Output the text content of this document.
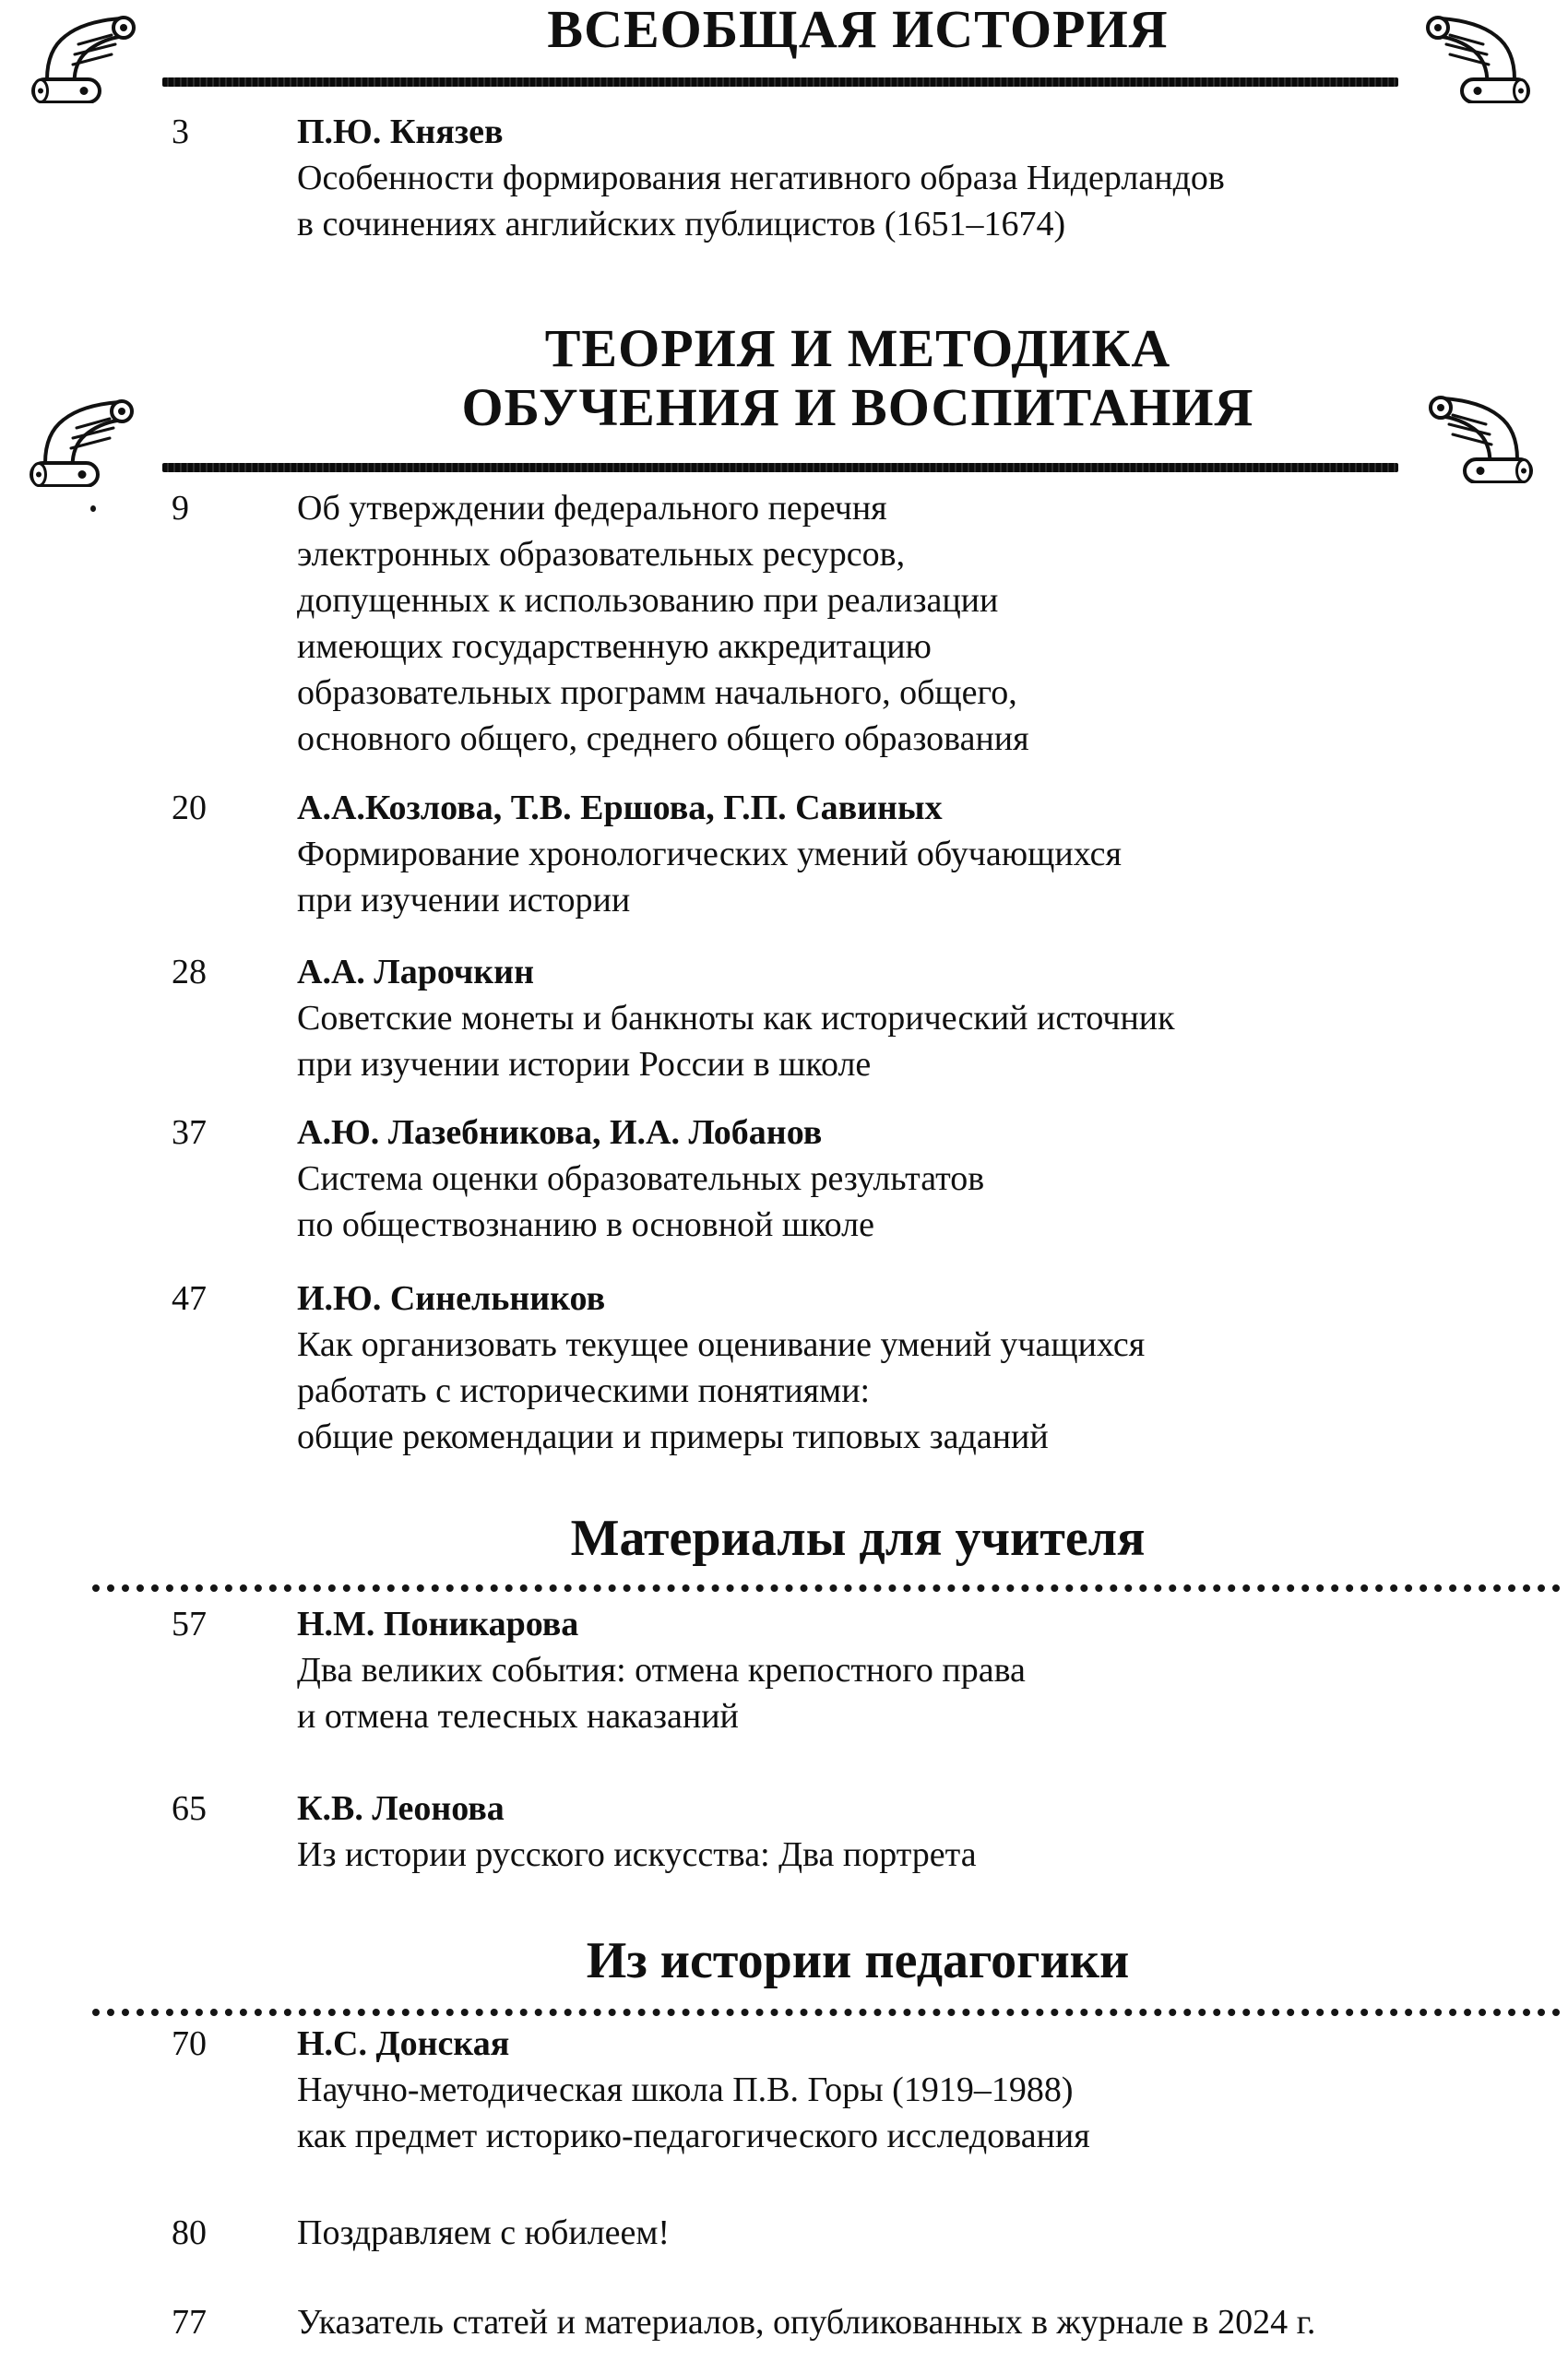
ВСЕОБЩАЯ ИСТОРИЯ
3	П.Ю. Князев
Особенности формирования негативного образа Нидерландов
в сочинениях английских публицистов (1651–1674)
ТЕОРИЯ И МЕТОДИКА
ОБУЧЕНИЯ И ВОСПИТАНИЯ
9	Об утверждении федерального перечня
электронных образовательных ресурсов,
допущенных к использованию при реализации
имеющих государственную аккредитацию
образовательных программ начального, общего,
основного общего, среднего общего образования
20	А.А.Козлова, Т.В. Ершова, Г.П. Савиных
Формирование хронологических умений обучающихся
при изучении истории
28	А.А. Ларочкин
Советские монеты и банкноты как исторический источник
при изучении истории России в школе
37	А.Ю. Лазебникова, И.А. Лобанов
Система оценки образовательных результатов
по обществознанию в основной школе
47	И.Ю. Синельников
Как организовать текущее оценивание умений учащихся
работать с историческими понятиями:
общие рекомендации и примеры типовых заданий
Материалы для учителя
57	Н.М. Поникарова
Два великих события: отмена крепостного права
и отмена телесных наказаний
65	К.В. Леонова
Из истории русского искусства: Два портрета
Из истории педагогики
70	Н.С. Донская
Научно-методическая школа П.В. Горы (1919–1988)
как предмет историко-педагогического исследования
80	Поздравляем с юбилеем!
77	Указатель статей и материалов, опубликованных в журнале в 2024 г.
